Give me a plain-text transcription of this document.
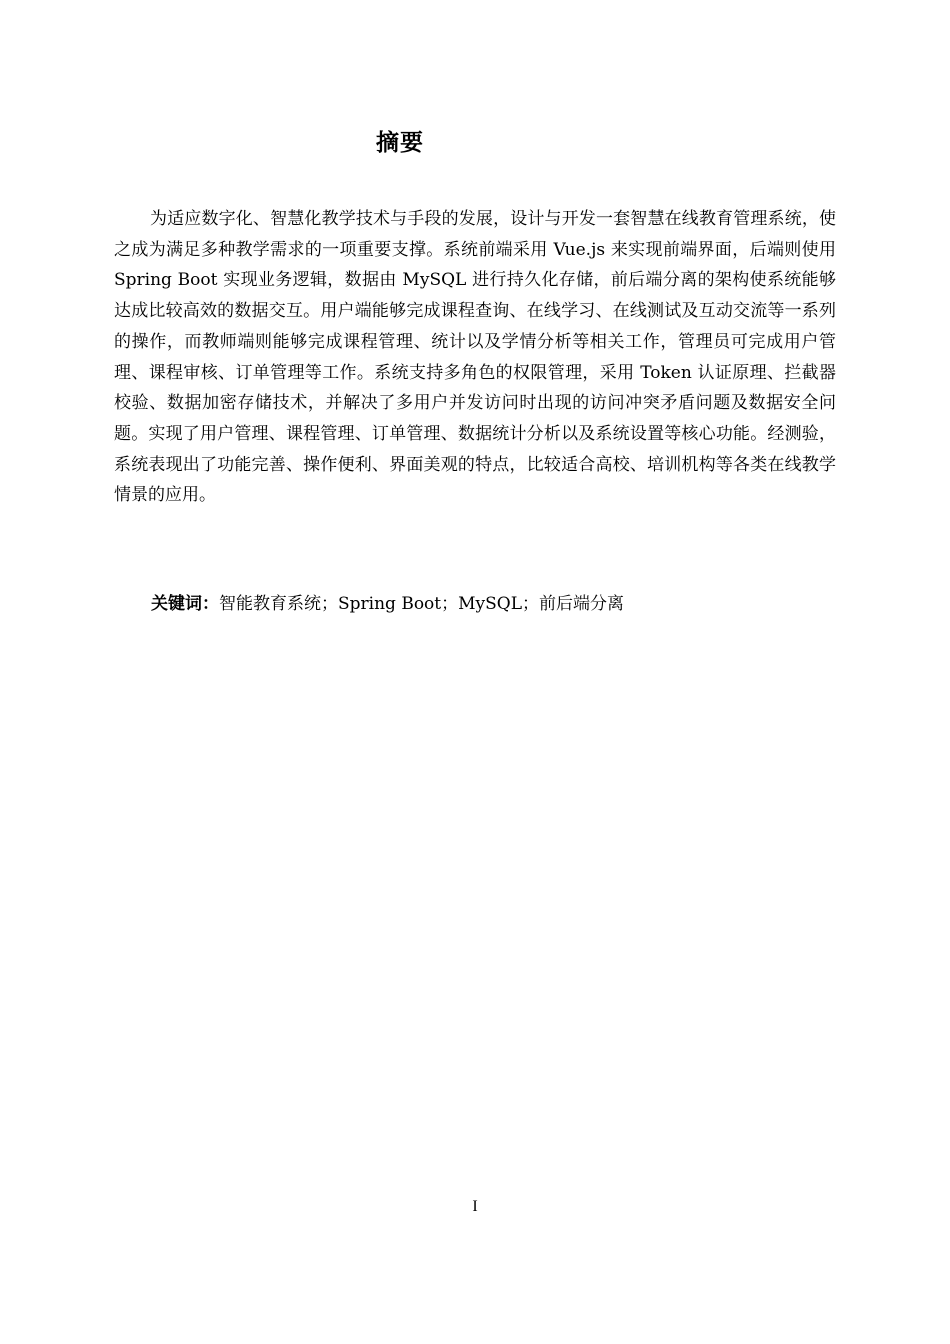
摘要

为适应数字化、智慧化教学技术与手段的发展，设计与开发一套智慧在线教育管理系统，使之成为满足多种教学需求的一项重要支撑。系统前端采用 Vue.js 来实现前端界面，后端则使用 Spring Boot 实现业务逻辑，数据由 MySQL 进行持久化存储，前后端分离的架构使系统能够达成比较高效的数据交互。用户端能够完成课程查询、在线学习、在线测试及互动交流等一系列的操作，而教师端则能够完成课程管理、统计以及学情分析等相关工作，管理员可完成用户管理、课程审核、订单管理等工作。系统支持多角色的权限管理，采用 Token 认证原理、拦截器校验、数据加密存储技术，并解决了多用户并发访问时出现的访问冲突矛盾问题及数据安全问题。实现了用户管理、课程管理、订单管理、数据统计分析以及系统设置等核心功能。经测验，系统表现出了功能完善、操作便利、界面美观的特点，比较适合高校、培训机构等各类在线教学情景的应用。

关键词：智能教育系统；Spring Boot；MySQL；前后端分离
I
